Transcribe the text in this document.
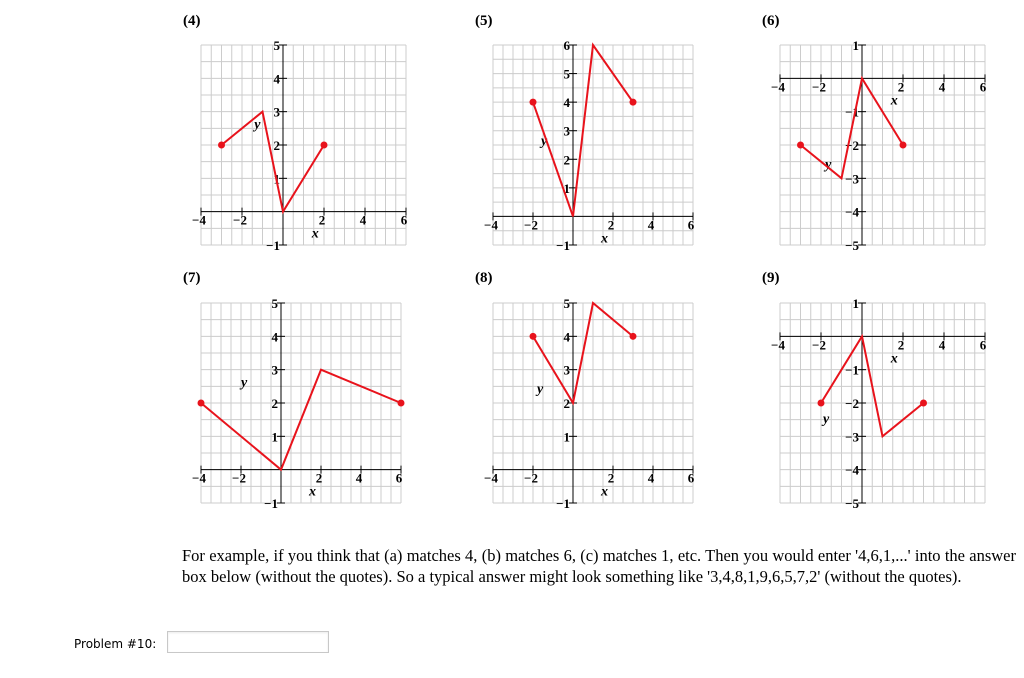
(4)	(5)	(6)
(7)	(8)	(9)
−4 −2	2	4	6
−1
1
2
3
4
5
x
y
−4 −2	2	4	6
−1
1
2
3
4
5
6
x
y
−4 −2	2	4	6
−5
−4
−3
−2
−1
1
x
y
−4 −2	2	4	6
−1
1
2
3
4
5
x
y
−4 −2	2	4	6
−1
1
2
3
4
5
x
y
−4 −2	2	4	6
−5
−4
−3
−2
−1
1
x
y
For example, if you think that (a) matches 4, (b) matches 6, (c) matches 1, etc. Then you would enter '4,6,1,...' into the answer box below (without the quotes). So a typical answer might look something like '3,4,8,1,9,6,5,7,2' (without the quotes).
Problem #10:
